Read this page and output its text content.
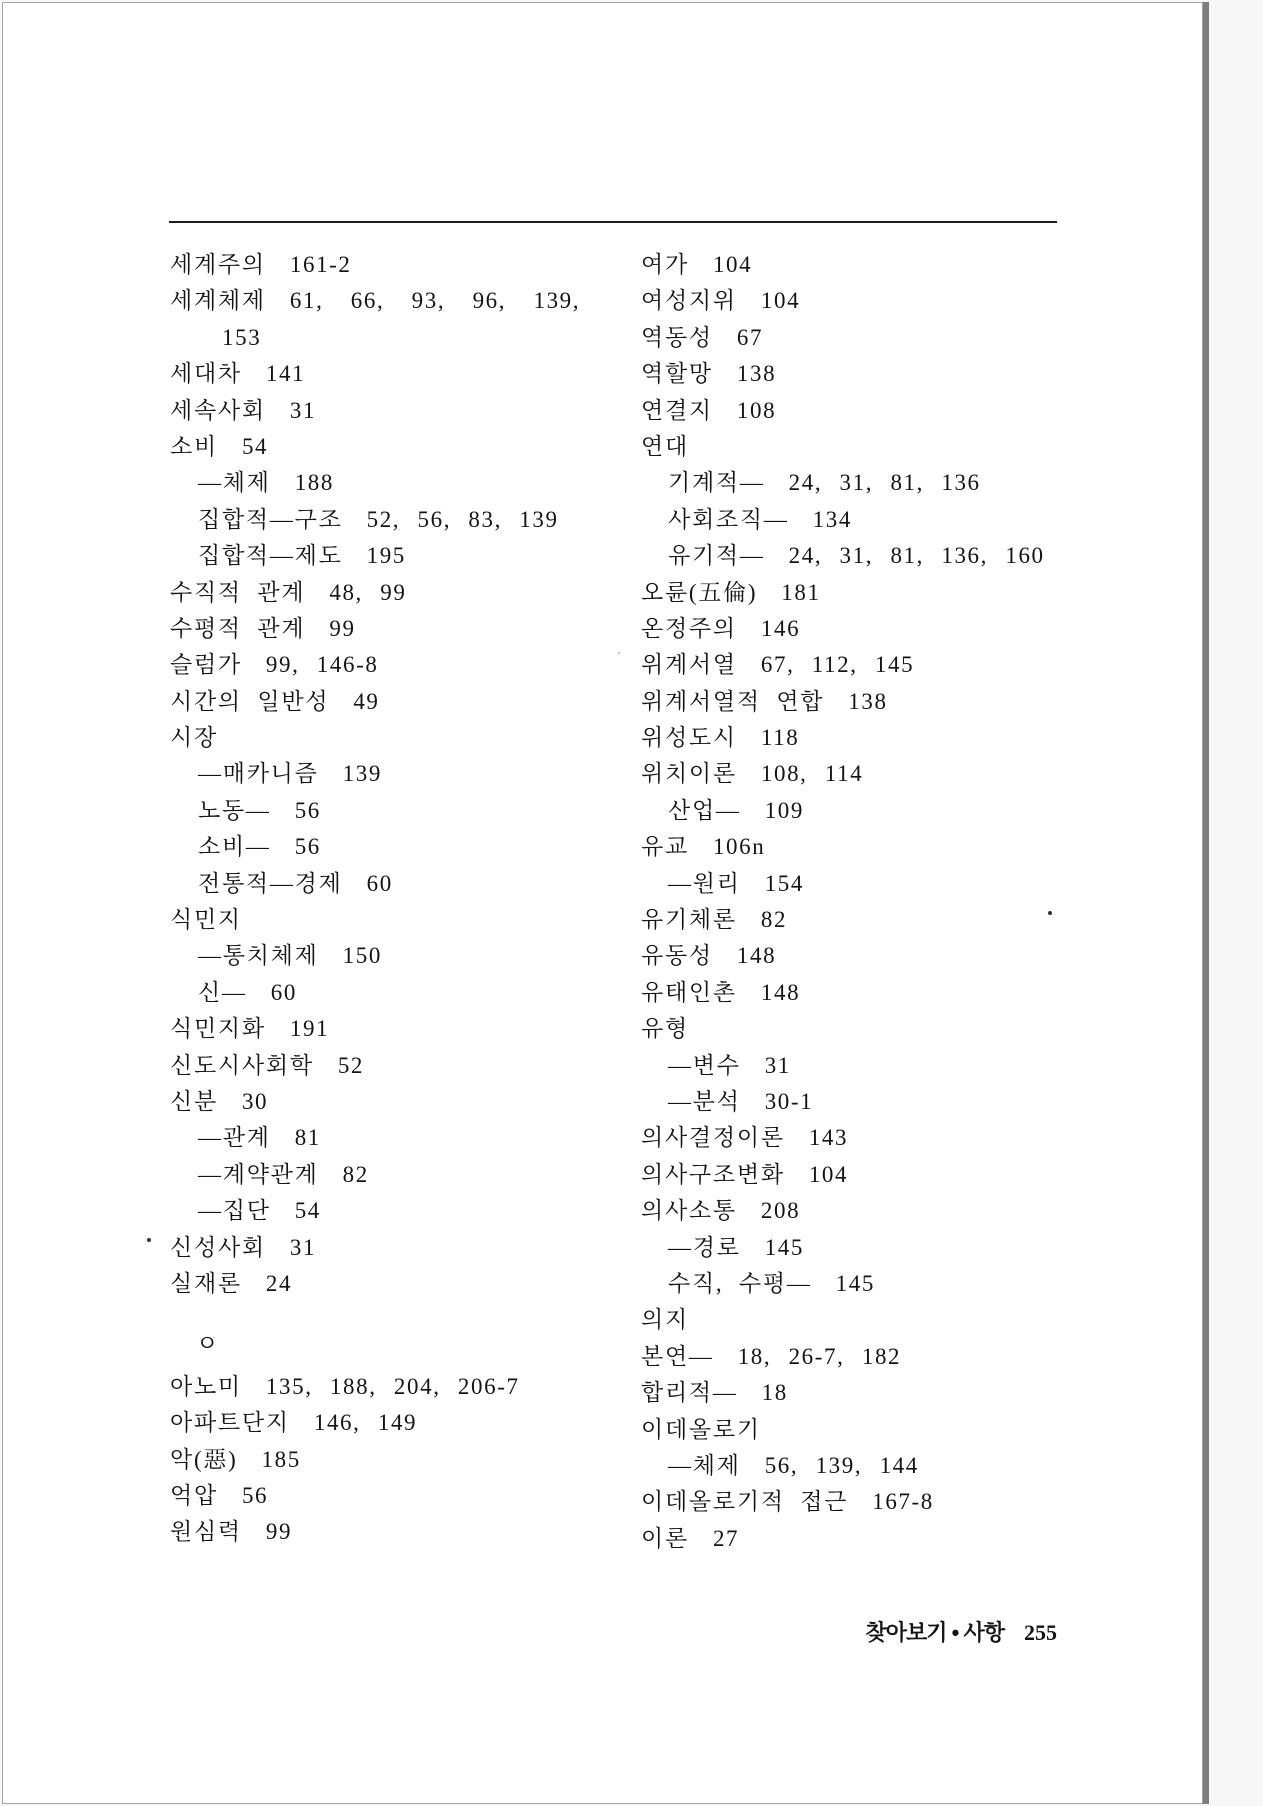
세계주의 161-2
세계체제 61, 66, 93, 96, 139,
153
세대차 141
세속사회 31
소비 54
—체제 188
집합적—구조 52, 56, 83, 139
집합적—제도 195
수직적 관계 48, 99
수평적 관계 99
슬럼가 99, 146-8
시간의 일반성 49
시장
—매카니즘 139
노동— 56
소비— 56
전통적—경제 60
식민지
—통치체제 150
신— 60
식민지화 191
신도시사회학 52
신분 30
—관계 81
—계약관계 82
—집단 54
신성사회 31
실재론 24
ㅇ
아노미 135, 188, 204, 206-7
아파트단지 146, 149
악(惡) 185
억압 56
원심력 99
여가 104
여성지위 104
역동성 67
역할망 138
연결지 108
연대
기계적— 24, 31, 81, 136
사회조직— 134
유기적— 24, 31, 81, 136, 160
오륜(五倫) 181
온정주의 146
위계서열 67, 112, 145
위계서열적 연합 138
위성도시 118
위치이론 108, 114
산업— 109
유교 106n
—원리 154
유기체론 82
유동성 148
유태인촌 148
유형
—변수 31
—분석 30-1
의사결정이론 143
의사구조변화 104
의사소통 208
—경로 145
수직, 수평— 145
의지
본연— 18, 26-7, 182
합리적— 18
이데올로기
—체제 56, 139, 144
이데올로기적 접근 167-8
이론 27
찾아보기 • 사항 255
